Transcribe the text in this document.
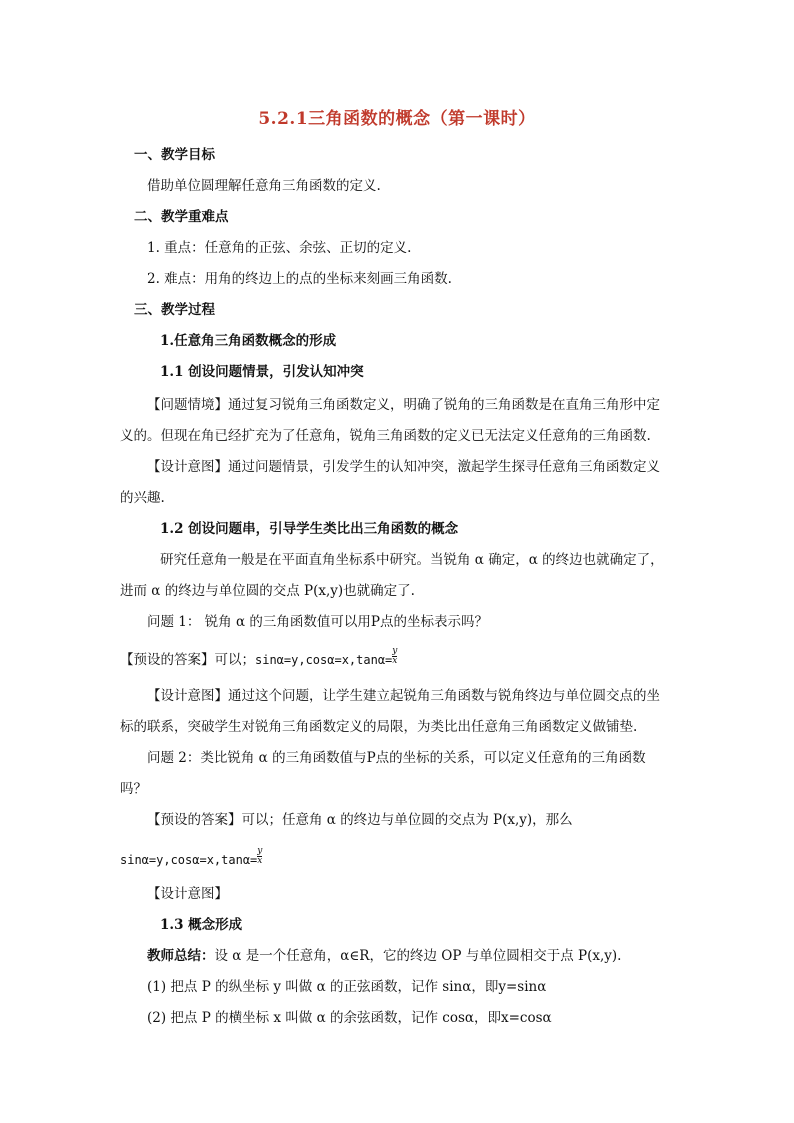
5.2.1三角函数的概念（第一课时）
一、教学目标
借助单位圆理解任意角三角函数的定义.
二、教学重难点
1. 重点：任意角的正弦、余弦、正切的定义.
2. 难点：用角的终边上的点的坐标来刻画三角函数.
三、教学过程
1.任意角三角函数概念的形成
1.1 创设问题情景，引发认知冲突
【问题情境】通过复习锐角三角函数定义，明确了锐角的三角函数是在直角三角形中定
义的。但现在角已经扩充为了任意角，锐角三角函数的定义已无法定义任意角的三角函数.
【设计意图】通过问题情景，引发学生的认知冲突，激起学生探寻任意角三角函数定义
的兴趣.
1.2 创设问题串，引导学生类比出三角函数的概念
研究任意角一般是在平面直角坐标系中研究。当锐角 α 确定，α 的终边也就确定了，
进而 α 的终边与单位圆的交点 P(x,y)也就确定了.
问题 1： 锐角 α 的三角函数值可以用P点的坐标表示吗？
【预设的答案】可以；$\sin\alpha=y,\cos\alpha=x,\tan\alpha= \frac{y}{x}$
【设计意图】通过这个问题，让学生建立起锐角三角函数与锐角终边与单位圆交点的坐
标的联系，突破学生对锐角三角函数定义的局限，为类比出任意角三角函数定义做铺垫.
问题 2：类比锐角 α 的三角函数值与P点的坐标的关系，可以定义任意角的三角函数
吗？
【预设的答案】可以；任意角 α 的终边与单位圆的交点为 P(x,y)，那么
$\sin\alpha=y,\cos\alpha=x,\tan\alpha= \frac{y}{x}$
【设计意图】
1.3 概念形成
教师总结：设 α 是一个任意角，α∈R，它的终边 OP 与单位圆相交于点 P(x,y).
(1) 把点 P 的纵坐标 y 叫做 α 的正弦函数，记作 sinα，即y=sinα
(2) 把点 P 的横坐标 x 叫做 α 的余弦函数，记作 cosα，即x=cosα
